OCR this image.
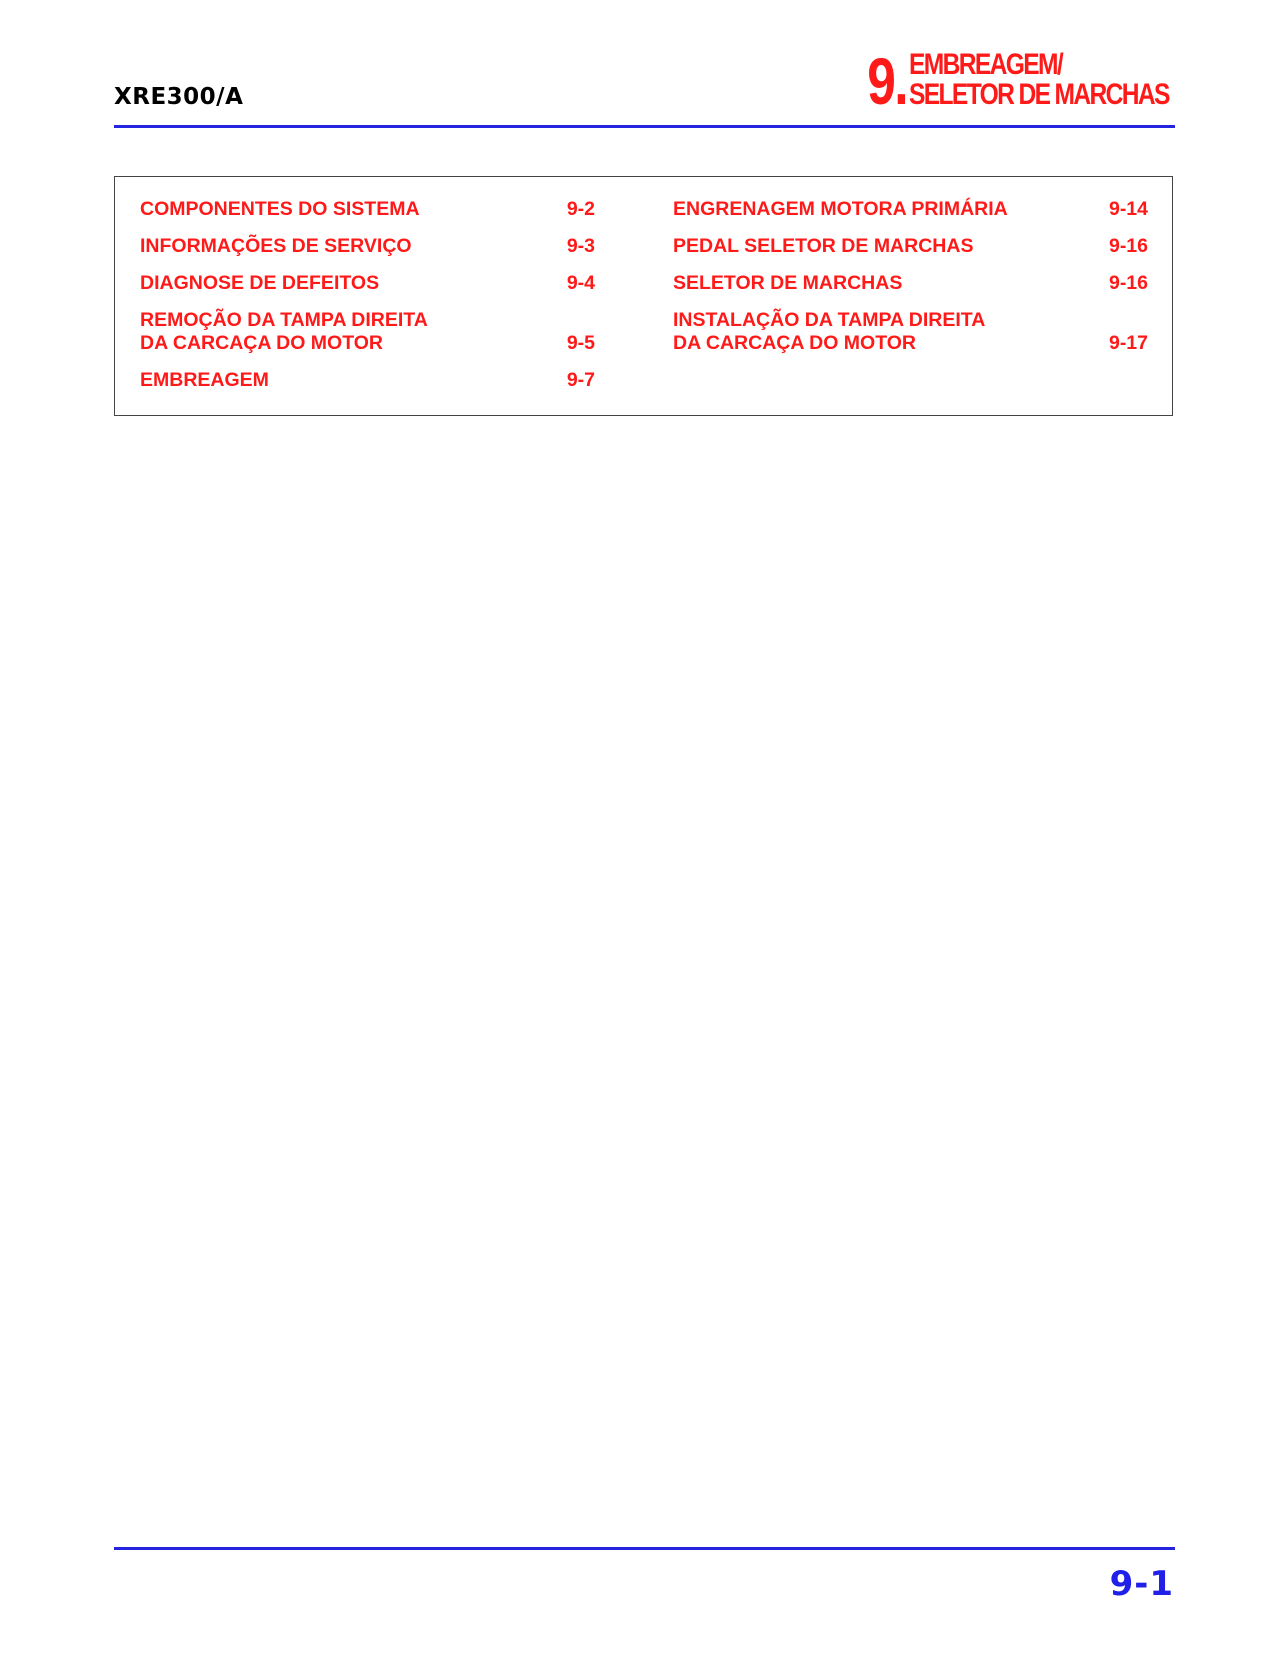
XRE300/A	9. EMBREAGEM/
SELETOR DE MARCHAS
COMPONENTES DO SISTEMA	9-2
INFORMAÇÕES DE SERVIÇO	9-3
DIAGNOSE DE DEFEITOS	9-4
REMOÇÃO DA TAMPA DIREITA
DA CARCAÇA DO MOTOR	9-5
EMBREAGEM	9-7
ENGRENAGEM MOTORA PRIMÁRIA	9-14
PEDAL SELETOR DE MARCHAS	9-16
SELETOR DE MARCHAS	9-16
INSTALAÇÃO DA TAMPA DIREITA
DA CARCAÇA DO MOTOR	9-17
9-1
